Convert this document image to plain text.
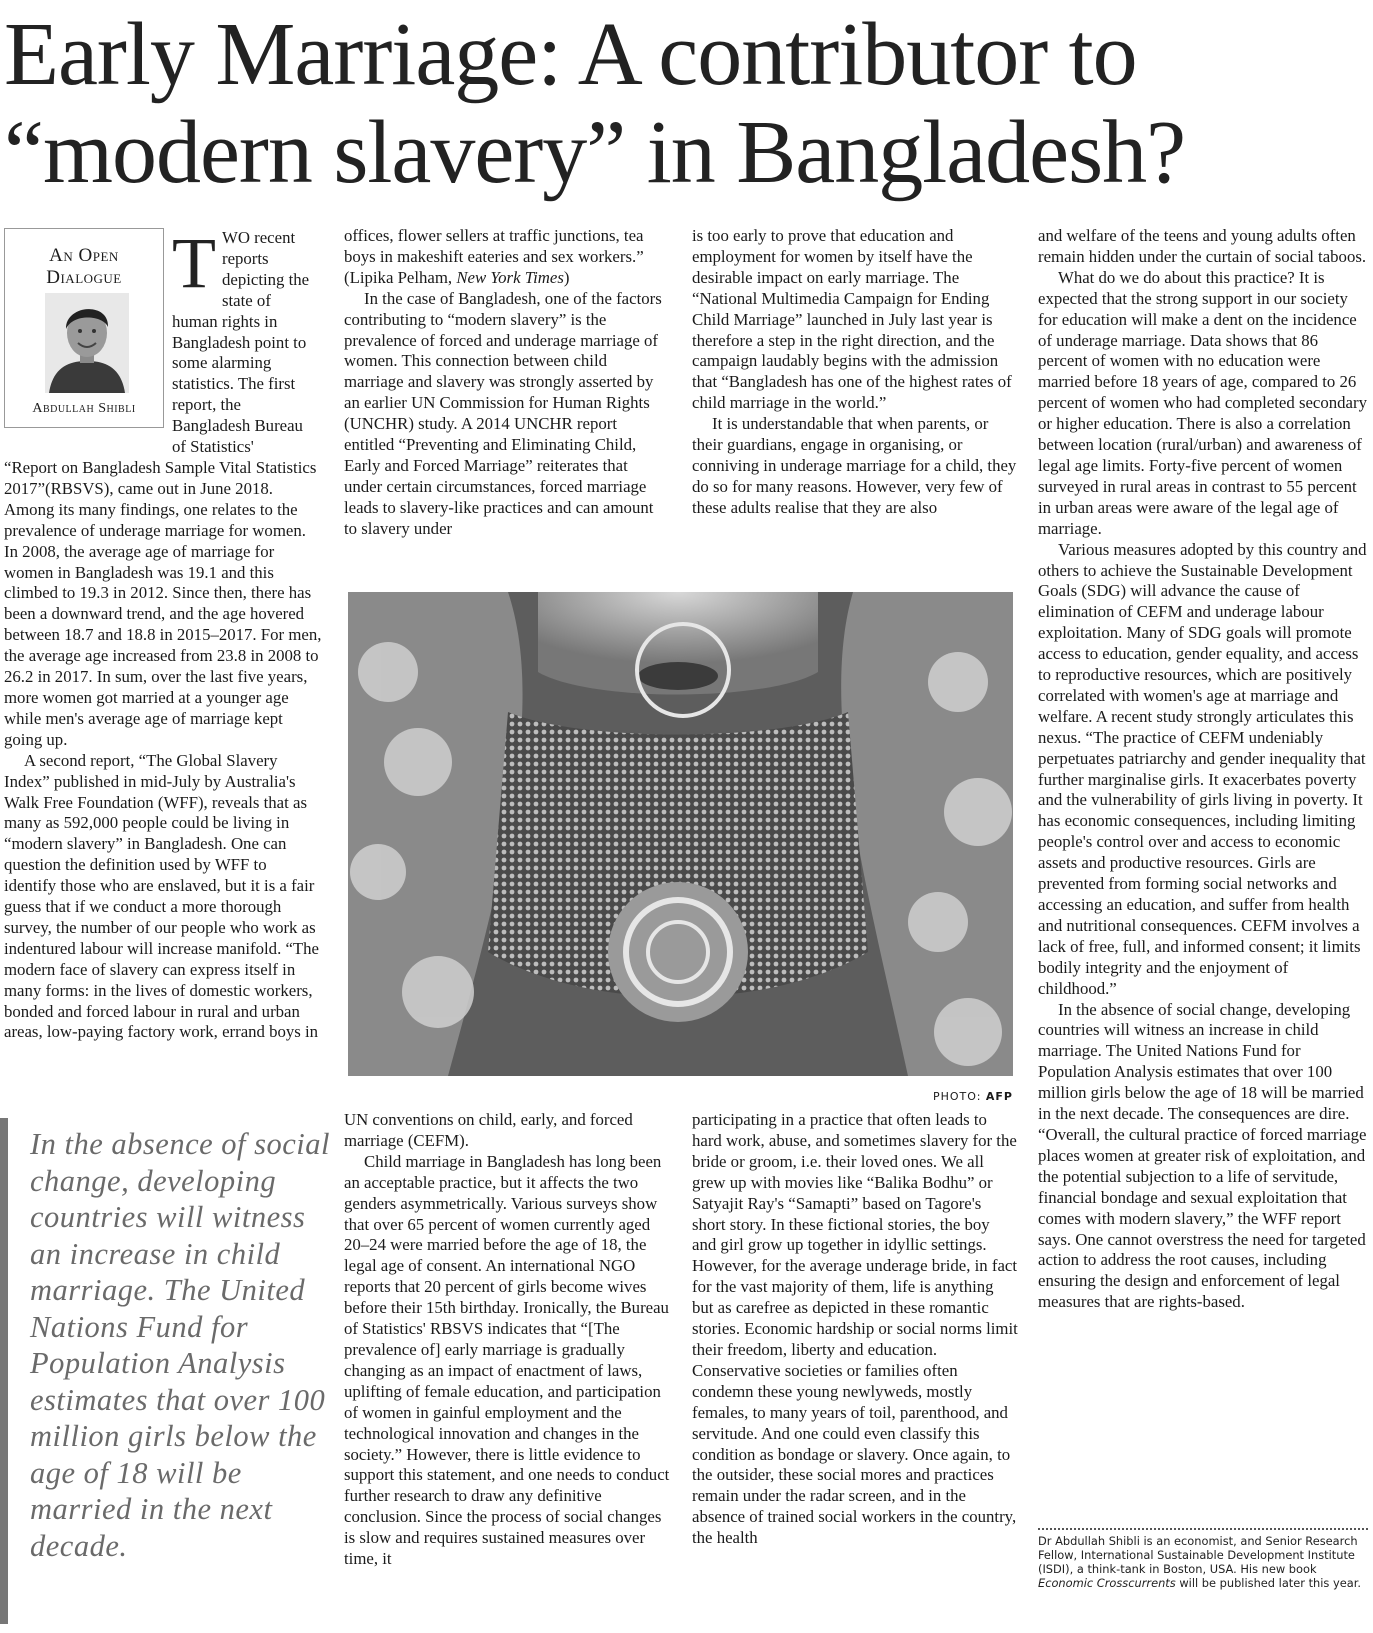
Early Marriage: A contributor to
“modern slavery” in Bangladesh?
An Open
Dialogue
Abdullah Shibli

TWO recent reports depicting the state of human rights in Bangladesh point to some alarming statistics. The first report, the Bangladesh Bureau of Statistics'

“Report on Bangladesh Sample Vital Statistics 2017”(RBSVS), came out in June 2018. Among its many findings, one relates to the prevalence of underage marriage for women. In 2008, the average age of marriage for women in Bangladesh was 19.1 and this climbed to 19.3 in 2012. Since then, there has been a downward trend, and the age hovered between 18.7 and 18.8 in 2015–2017. For men, the average age increased from 23.8 in 2008 to 26.2 in 2017. In sum, over the last five years, more women got married at a younger age while men's average age of marriage kept going up.

A second report, “The Global Slavery Index” published in mid-July by Australia's Walk Free Foundation (WFF), reveals that as many as 592,000 people could be living in “modern slavery” in Bangladesh. One can question the definition used by WFF to identify those who are enslaved, but it is a fair guess that if we conduct a more thorough survey, the number of our people who work as indentured labour will increase manifold. “The modern face of slavery can express itself in many forms: in the lives of domestic workers, bonded and forced labour in rural and urban areas, low-paying factory work, errand boys in

offices, flower sellers at traffic junctions, tea boys in makeshift eateries and sex workers.” (Lipika Pelham, New York Times)

In the case of Bangladesh, one of the factors contributing to “modern slavery” is the prevalence of forced and underage marriage of women. This connection between child marriage and slavery was strongly asserted by an earlier UN Commission for Human Rights (UNCHR) study. A 2014 UNCHR report entitled “Preventing and Eliminating Child, Early and Forced Marriage” reiterates that under certain circumstances, forced marriage leads to slavery-like practices and can amount to slavery under

is too early to prove that education and employment for women by itself have the desirable impact on early marriage. The “National Multimedia Campaign for Ending Child Marriage” launched in July last year is therefore a step in the right direction, and the campaign laudably begins with the admission that “Bangladesh has one of the highest rates of child marriage in the world.”

It is understandable that when parents, or their guardians, engage in organising, or conniving in underage marriage for a child, they do so for many reasons. However, very few of these adults realise that they are also

PHOTO: AFP
In the absence of social change, developing countries will witness an increase in child marriage. The United Nations Fund for Population Analysis estimates that over 100 million girls below the age of 18 will be married in the next decade.

UN conventions on child, early, and forced marriage (CEFM).

Child marriage in Bangladesh has long been an acceptable practice, but it affects the two genders asymmetrically. Various surveys show that over 65 percent of women currently aged 20–24 were married before the age of 18, the legal age of consent. An international NGO reports that 20 percent of girls become wives before their 15th birthday. Ironically, the Bureau of Statistics' RBSVS indicates that “[The prevalence of] early marriage is gradually changing as an impact of enactment of laws, uplifting of female education, and participation of women in gainful employment and the technological innovation and changes in the society.” However, there is little evidence to support this statement, and one needs to conduct further research to draw any definitive conclusion. Since the process of social changes is slow and requires sustained measures over time, it

participating in a practice that often leads to hard work, abuse, and sometimes slavery for the bride or groom, i.e. their loved ones. We all grew up with movies like “Balika Bodhu” or Satyajit Ray's “Samapti” based on Tagore's short story. In these fictional stories, the boy and girl grow up together in idyllic settings. However, for the average underage bride, in fact for the vast majority of them, life is anything but as carefree as depicted in these romantic stories. Economic hardship or social norms limit their freedom, liberty and education. Conservative societies or families often condemn these young newlyweds, mostly females, to many years of toil, parenthood, and servitude. And one could even classify this condition as bondage or slavery. Once again, to the outsider, these social mores and practices remain under the radar screen, and in the absence of trained social workers in the country, the health

and welfare of the teens and young adults often remain hidden under the curtain of social taboos.

What do we do about this practice? It is expected that the strong support in our society for education will make a dent on the incidence of underage marriage. Data shows that 86 percent of women with no education were married before 18 years of age, compared to 26 percent of women who had completed secondary or higher education. There is also a correlation between location (rural/urban) and awareness of legal age limits. Forty-five percent of women surveyed in rural areas in contrast to 55 percent in urban areas were aware of the legal age of marriage.

Various measures adopted by this country and others to achieve the Sustainable Development Goals (SDG) will advance the cause of elimination of CEFM and underage labour exploitation. Many of SDG goals will promote access to education, gender equality, and access to reproductive resources, which are positively correlated with women's age at marriage and welfare. A recent study strongly articulates this nexus. “The practice of CEFM undeniably perpetuates patriarchy and gender inequality that further marginalise girls. It exacerbates poverty and the vulnerability of girls living in poverty. It has economic consequences, including limiting people's control over and access to economic assets and productive resources. Girls are prevented from forming social networks and accessing an education, and suffer from health and nutritional consequences. CEFM involves a lack of free, full, and informed consent; it limits bodily integrity and the enjoyment of childhood.”

In the absence of social change, developing countries will witness an increase in child marriage. The United Nations Fund for Population Analysis estimates that over 100 million girls below the age of 18 will be married in the next decade. The consequences are dire. “Overall, the cultural practice of forced marriage places women at greater risk of exploitation, and the potential subjection to a life of servitude, financial bondage and sexual exploitation that comes with modern slavery,” the WFF report says. One cannot overstress the need for targeted action to address the root causes, including ensuring the design and enforcement of legal measures that are rights-based.

Dr Abdullah Shibli is an economist, and Senior Research Fellow, International Sustainable Development Institute (ISDI), a think-tank in Boston, USA. His new book Economic Crosscurrents will be published later this year.
